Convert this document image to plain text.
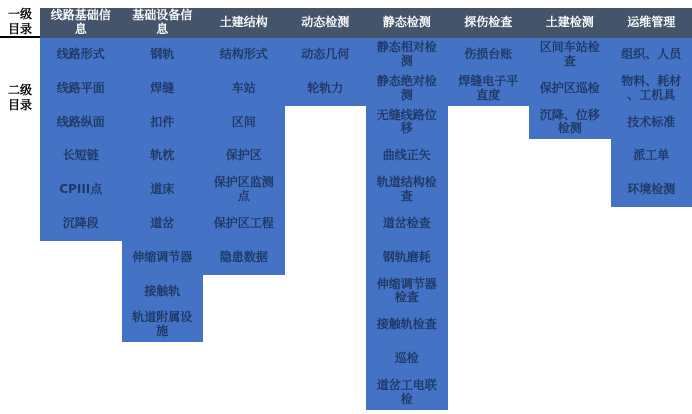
一级目录
二级目录
线路基础信息
线路形式
线路平面
线路纵面
长短链
CPIII点
沉降段
基础设备信息
钢轨
焊缝
扣件
轨枕
道床
道岔
伸缩调节器
接触轨
轨道附属设施
土建结构
结构形式
车站
区间
保护区
保护区监测点
保护区工程
隐患数据
动态检测
动态几何
轮轨力
静态检测
静态相对检测
静态绝对检测
无缝线路位移
曲线正矢
轨道结构检查
道岔检查
钢轨磨耗
伸缩调节器检查
接触轨检查
巡检
道岔工电联检
探伤检查
伤损台账
焊缝电子平直度
土建检测
区间车站检查
保护区巡检
沉降、位移检测
运维管理
组织、人员
物料、耗材、工机具
技术标准
派工单
环境检测
